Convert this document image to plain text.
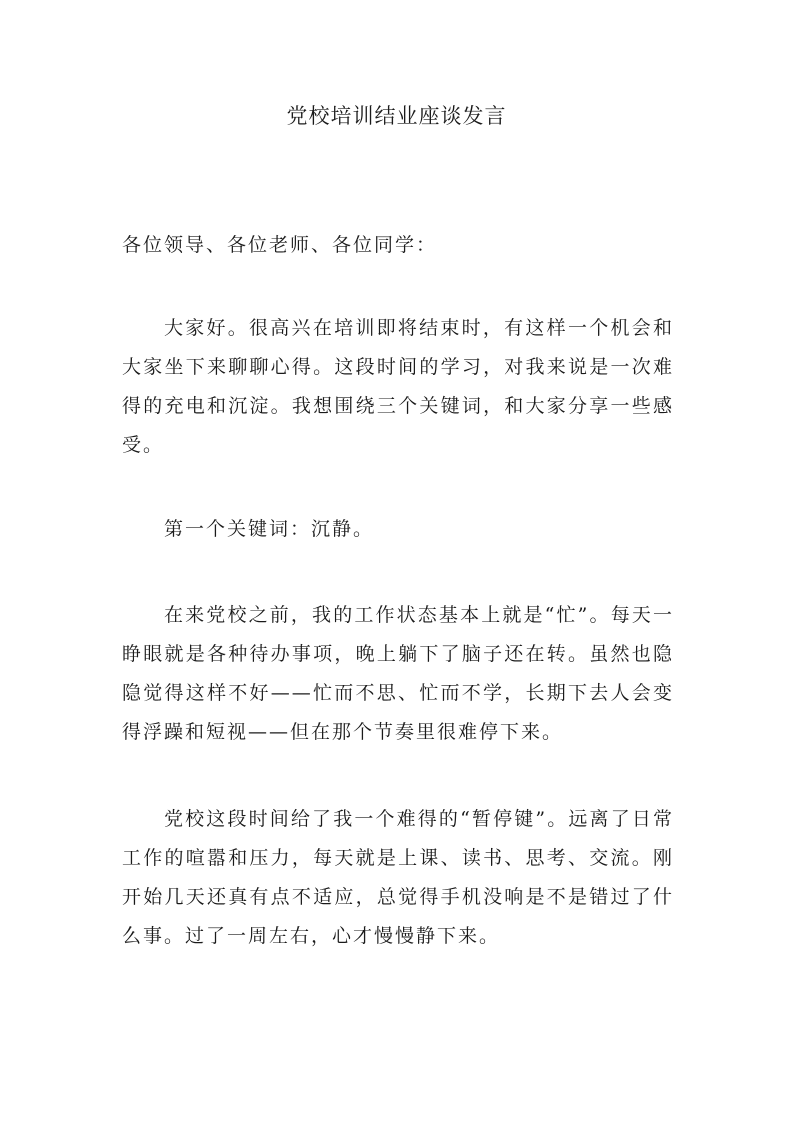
党校培训结业座谈发言

各位领导、各位老师、各位同学：

大家好。很高兴在培训即将结束时，有这样一个机会和大家坐下来聊聊心得。这段时间的学习，对我来说是一次难得的充电和沉淀。我想围绕三个关键词，和大家分享一些感受。

第一个关键词：沉静。

在来党校之前，我的工作状态基本上就是“忙”。每天一睁眼就是各种待办事项，晚上躺下了脑子还在转。虽然也隐隐觉得这样不好——忙而不思、忙而不学，长期下去人会变得浮躁和短视——但在那个节奏里很难停下来。

党校这段时间给了我一个难得的“暂停键”。远离了日常工作的喧嚣和压力，每天就是上课、读书、思考、交流。刚开始几天还真有点不适应，总觉得手机没响是不是错过了什么事。过了一周左右，心才慢慢静下来。
